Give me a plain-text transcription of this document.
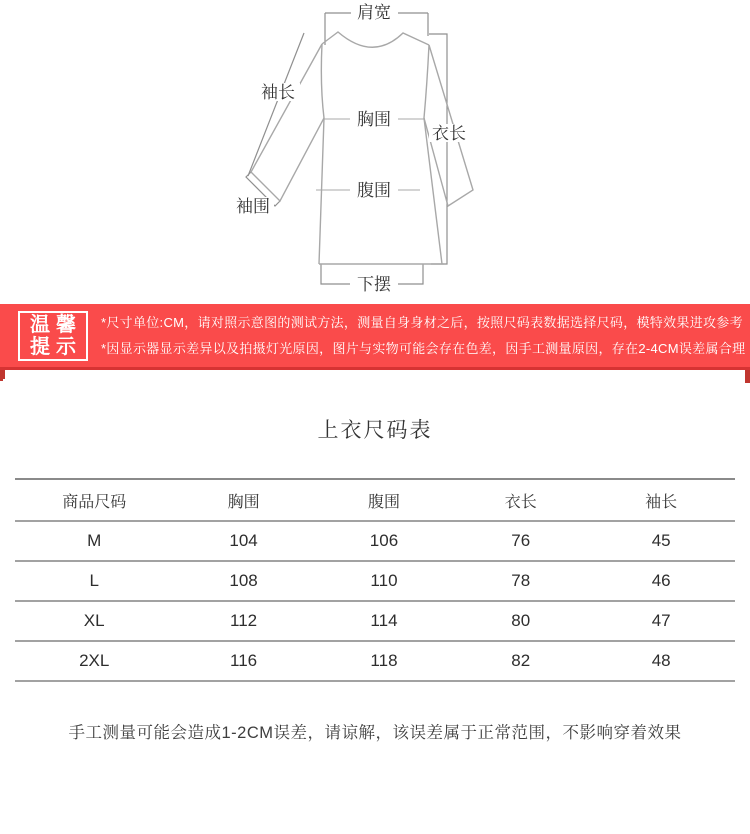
肩宽
袖长
胸围
衣长
袖围
腹围
下摆
温馨
提示
*尺寸单位:CM，请对照示意图的测试方法，测量自身身材之后，按照尺码表数据选择尺码，模特效果进攻参考
*因显示器显示差异以及拍摄灯光原因，图片与实物可能会存在色差，因手工测量原因，存在2-4CM误差属合理
上衣尺码表
商品尺码	胸围	腹围	衣长	袖长
M	104	106	76	45
L	108	110	78	46
XL	112	114	80	47
2XL	116	118	82	48
手工测量可能会造成1-2CM误差，请谅解，该误差属于正常范围，不影响穿着效果
